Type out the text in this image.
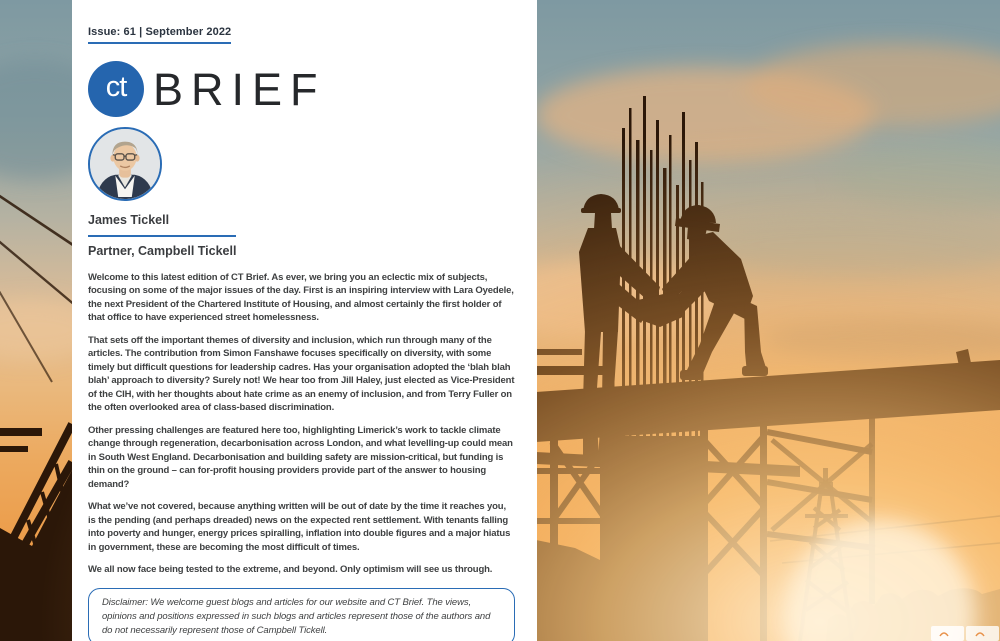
Issue: 61 | September 2022
ct BRIEF
James Tickell
Partner, Campbell Tickell

Welcome to this latest edition of CT Brief. As ever, we bring you an eclectic mix of subjects, focusing on some of the major issues of the day. First is an inspiring interview with Lara Oyedele, the next President of the Chartered Institute of Housing, and almost certainly the first holder of that office to have experienced street homelessness.

That sets off the important themes of diversity and inclusion, which run through many of the articles. The contribution from Simon Fanshawe focuses specifically on diversity, with some timely but difficult questions for leadership cadres. Has your organisation adopted the ‘blah blah blah’ approach to diversity? Surely not! We hear too from Jill Haley, just elected as Vice-President of the CIH, with her thoughts about hate crime as an enemy of inclusion, and from Terry Fuller on the often overlooked area of class-based discrimination.

Other pressing challenges are featured here too, highlighting Limerick’s work to tackle climate change through regeneration, decarbonisation across London, and what levelling-up could mean in South West England. Decarbonisation and building safety are mission-critical, but funding is thin on the ground – can for-profit housing providers provide part of the answer to housing demand?

What we’ve not covered, because anything written will be out of date by the time it reaches you, is the pending (and perhaps dreaded) news on the expected rent settlement. With tenants falling into poverty and hunger, energy prices spiralling, inflation into double figures and a major hiatus in government, these are becoming the most difficult of times.

We all now face being tested to the extreme, and beyond. Only optimism will see us through.

Disclaimer: We welcome guest blogs and articles for our website and CT Brief. The views, opinions and positions expressed in such blogs and articles represent those of the authors and do not necessarily represent those of Campbell Tickell.
